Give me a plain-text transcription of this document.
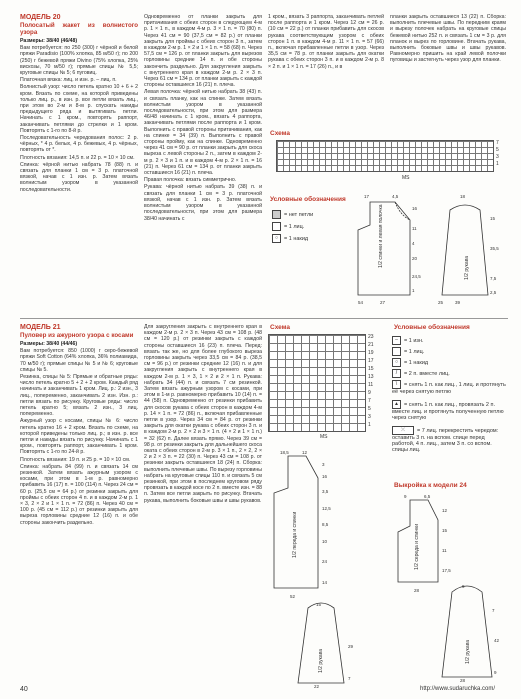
МОДЕЛЬ 20

Полосатый жакет из волнистого узора

Размеры: 38/40 (46/48)

Вам потребуется: по 250 (300) г чёрной и белой пряжи Paradisio (100% хлопка, 85 м/50 г); по 200 (250) г бежевой пряжи Divino (75% хлопка, 25% вискозы, 70 м/50 г); прямые спицы № 5,5; круговые спицы № 5; 6 пуговиц.

Платочная вязка: лиц. и изн. р. – лиц. п.

Волнистый узор: число петель кратно 10 + 6 + 2 кром. Вязать по схеме, на которой приведены только лиц. р., в изн. р. все петли вязать лиц., при этом во 2-м и 8-м р. спускать накиды предыдущего ряда и вытягивать петли. Начинать с 1 кром., повторять раппорт, заканчивать петлями до стрелки и 1 кром. Повторять с 1-го по 8-й р.

Последовательность чередования полос: 2 р. чёрных, * 4 р. белых, 4 р. бежевых, 4 р. чёрных, повторять от *.

Плотность вязания: 14,5 п. и 22 р. = 10 × 10 см.

Спинка: чёрной нитью набрать 78 (88) п. и связать для планки 1 см = 3 р. платочной вязкой, начав с 1 изн. р. Затем вязать волнистым узором в указанной последовательности.

Одновременно от планки закрыть для притачивания с обеих сторон в следующем 4-м р. 1 × 1 п., в каждом 4-м р. 3 × 1 п. = 70 (80) п. Через 41 см = 90 (37,5 см = 82 р.) от планки закрыть для проймы с обеих сторон 3 п., затем в каждом 2-м р. 1 × 2 и 1 × 1 п. = 58 (68) п. Через 57,5 см = 126 р. от планки закрыть для вырезов горловины средние 14 п. и обе стороны закончить раздельно. Для закругления закрыть с внутреннего края в каждом 2-м р. 2 × 3 п. Через 61 см = 134 р. от планки закрыть с каждой стороны оставшиеся 16 (21) п. плеча.

Левая полочка: чёрной нитью набрать 38 (43) п. и связать планку, как на спинке. Затем вязать волнистым узором в указанной последовательности, при этом для размера 46/48 начинать с 1 кром., вязать 4 раппорта, заканчивать петлями после раппорта и 1 кром. Выполнить с правой стороны притачивания, как на спинке = 34 (39) п. Выполнить с правой стороны пройму, как на спинке. Одновременно через 41 см = 90 р. от планки закрыть для скоса выреза с левой стороны 2 п., затем в каждом 2-м р. 2 × 3 и 1 п. и в каждом 4-м р. 2 × 1 п. = 16 (21) п. Через 61 см = 134 р. от планки закрыть оставшиеся 16 (21) п. плеча.

Правая полочка: вязать симметрично.

Рукава: чёрной нитью набрать 39 (38) п. и связать для планки 1 см = 3 р. платочной вязкой, начав с 1 изн. р. Затем вязать волнистым узором в указанной последовательности, при этом для размера 38/40 начинать с

1 кром., вязать 3 раппорта, заканчивать петлей после раппорта и 1 кром. Через 12 см = 26 р. (10 см = 22 р.) от планки прибавить для скосов рукава соответствующим узором с обеих сторон 1 п. в каждом 4-м р. 11 × 1 п. = 57 (66) п., включая прибавленные петли в узор. Через 35,5 см = 78 р. от планки закрыть для окатки рукава с обеих сторон 3 п. и в каждом 2-м р. 8 × 2 п. и 1 × 1 п. = 17 (26) п., и в

планки закрыть оставшиеся 13 (22) п. Сборка: выполнить плечевые швы. По передним краям и вырезу полочек набрать на круговые спицы бежевой нитью 252 п. и связать 1 см = 3 р. для планок и вырез по горловине. Втачать рукава, выполнить боковые швы и швы рукавов. Равномерно пришить на край левой полочки пуговицы и застегнуть через узор для планки.

Схема
7
5
3
1
MS
Условные обозначения
= нет петли
= 1 лиц.
○ = 1 накид	1/2 спинки и левая полочка	1/2 рукава
17	4,5
16
11
4
20
24,5
1
27
54	39
18
35,5
15
7,5
25
2,5
МОДЕЛЬ 21

Пуловер из ажурного узора с косами

Размеры: 38/40 (44/46)

Вам потребуется: 850 (1000) г серо-бежевой пряжи Soft Cotton (64% хлопка, 36% полиамида, 70 м/50 г); прямые спицы № 5 и № 6; круговые спицы № 5.

Резинка, спицы № 5: Прямые и обратные ряды: число петель кратно 5 + 2 + 2 кром. Каждый ряд начинать и заканчивать 1 кром. Лиц. р.: 2 изн., 3 лиц., попеременно, заканчивать 2 изн. Изн. р.: петли вязать по рисунку. Круговые ряды: число петель кратно 5; вязать 2 изн., 3 лиц. попеременно.

Ажурный узор с косами, спицы № 6: число петель кратно 16 + 2 кром. Вязать по схеме, на которой приведены только лиц. р.; в изн. р. все петли и накиды вязать по рисунку. Начинать с 1 кром., повторять раппорт, заканчивать 1 кром. Повторять с 1-го по 24-й р.

Плотность вязания: 19 п. и 25 р. = 10 × 10 см.

Спинка: набрать 84 (99) п. и связать 14 см резинкой. Затем вязать ажурным узором с косами, при этом в 1-м р. равномерно прибавить 16 (17) п. = 100 (114) п. Через 24 см = 60 р. (25,5 см = 64 р.) от резинки закрыть для проймы с обеих сторон 4 п. и в каждом 2-м р. 1 × 3, 2 × 2 и 1 × 1 п. = 72 (86) п. Через 40 см = 100 р. (45 см = 112 р.) от резинки закрыть для выреза горловины средние 12 (16) п. и обе стороны закончить раздельно.

Для закругления закрыть с внутреннего края в каждом 2-м р. 2 × 3 п. Через 43 см = 108 р. (48 см = 120 р.) от резинки закрыть с каждой стороны оставшиеся 16 (23) п. плеча. Перед: вязать так же, но для более глубокого выреза горловины закрыть через 33,5 см = 84 р. (38,5 см = 96 р.) от резинки средние 12 (16) п. и для закругления закрыть с внутреннего края в каждом 2-м р. 1 × 3, 1 × 2 и 2 × 1 п. Рукава: набрать 34 (44) п. и связать 7 см резинкой. Затем вязать ажурным узором с косами, при этом в 1-м р. равномерно прибавить 10 (14) п. = 44 (58) п. Одновременно от резинки прибавить для скосов рукава с обеих сторон в каждом 4-м р. 14 × 1 п. = 72 (86) п., включая прибавленные петли в узор. Через 34 см = 84 р. от резинки закрыть для окатки рукава с обеих сторон 3 п. и в каждом 2-м р. 2 × 2 и 3 × 1 п. (4 × 2 и 1 × 1 п.) = 32 (62) п. Далее вязать прямо. Через 39 см = 98 р. от резинки закрыть для дальнейшего скоса оката с обеих сторон в 2-м р. 3 × 1 п., 2 × 2, 2 × 2 и 2 × 3 п. = 22 (30) п. Через 43 см = 108 р. от резинки закрыть оставшиеся 18 (24) п. Сборка: выполнить плечевые швы. По вырезу горловины набрать на круговые спицы 110 п. и связать 5 см резинкой, при этом в последнем круговом ряду провязать в каждой косе по 2 п. вместе изн. = 88 п. Затем все петли закрыть по рисунку. Втачать рукава, выполнить боковые швы и швы рукавов.

Схема
23
21
19
17
15
13
11
9
7
5
3
1
MS
Условные обозначения
– = 1 изн.
= 1 лиц.
○ = 1 накид
/ = 2 п. вместе лиц.
\ = снять 1 п. как лиц., 1 лиц. и протянуть её через снятую петлю
▲ = снять 1 п. как лиц., провязать 2 п. вместе лиц. и протянуть полученную петлю через снятую
⤫ = 7 лиц. перекрестить чередом: оставить 3 п. на вспом. спице перед работой, 4 п. лиц., затем 3 п. со вспом. спицы лиц.
1/2 переда и спинки
1/2 рукава
18,5	12
3
16
3,5
12,5
8,5
10
24
14
52
15
29
22
7
Выкройка к модели 24
1/2 середа и спинки
1/2 рукава
9	6,5
12
15
11
17,5
9
7
28
42
9
28
40	http://www.sudaruchka.com/
